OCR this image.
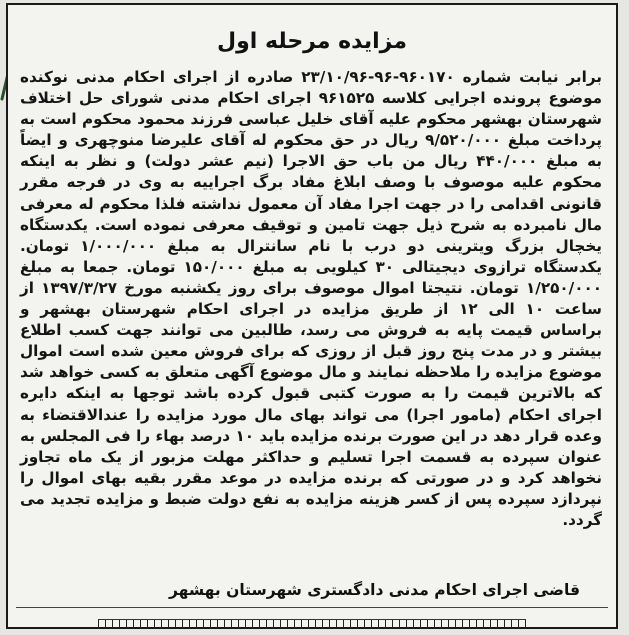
مزایده مرحله اول
برابر نیابت شماره ۹۶۰۱۷۰-۹۶-۲۳/۱۰/۹۶ صادره از اجرای احکام مدنی نوکنده موضوع پرونده اجرایی کلاسه ۹۶۱۵۲۵ اجرای احکام مدنی شورای حل اختلاف شهرستان بهشهر محکوم علیه آقای خلیل عباسی فرزند محمود محکوم است به پرداخت مبلغ ۹/۵۲۰/۰۰۰ ریال در حق محکوم له آقای علیرضا منوچهری و ایضاً به مبلغ ۴۴۰/۰۰۰ ریال من باب حق الاجرا (نیم عشر دولت) و نظر به اینکه محکوم علیه موصوف با وصف ابلاغ مفاد برگ اجراییه به وی در فرجه مقرر قانونی اقدامی را در جهت اجرا مفاد آن معمول نداشته فلذا محکوم له معرفی مال نامبرده به شرح ذیل جهت تامین و توقیف معرفی نموده است. یکدستگاه یخچال بزرگ ویترینی دو درب با نام سانترال به مبلغ ۱/۰۰۰/۰۰۰ تومان. یکدستگاه ترازوی دیجیتالی ۳۰ کیلویی به مبلغ ۱۵۰/۰۰۰ تومان. جمعا به مبلغ ۱/۲۵۰/۰۰۰ تومان. نتیجتا اموال موصوف برای روز یکشنبه مورخ ۱۳۹۷/۳/۲۷ از ساعت ۱۰ الی ۱۲ از طریق مزایده در اجرای احکام شهرستان بهشهر و براساس قیمت پایه به فروش می رسد، طالبین می توانند جهت کسب اطلاع بیشتر و در مدت پنج روز قبل از روزی که برای فروش معین شده است اموال موضوع مزایده را ملاحظه نمایند و مال موضوع آگهی متعلق به کسی خواهد شد که بالاترین قیمت را به صورت کتبی قبول کرده باشد توجها به اینکه دایره اجرای احکام (مامور اجرا) می تواند بهای مال مورد مزایده را عندالاقتضاء به وعده قرار دهد در این صورت برنده مزایده باید ۱۰ درصد بهاء را فی المجلس به عنوان سپرده به قسمت اجرا تسلیم و حداکثر مهلت مزبور از یک ماه تجاوز نخواهد کرد و در صورتی که برنده مزایده در موعد مقرر بقیه بهای اموال را نپردازد سپرده پس از کسر هزینه مزایده به نفع دولت ضبط و مزایده تجدید می گردد.
قاضی اجرای احکام مدنی دادگستری شهرستان بهشهر
